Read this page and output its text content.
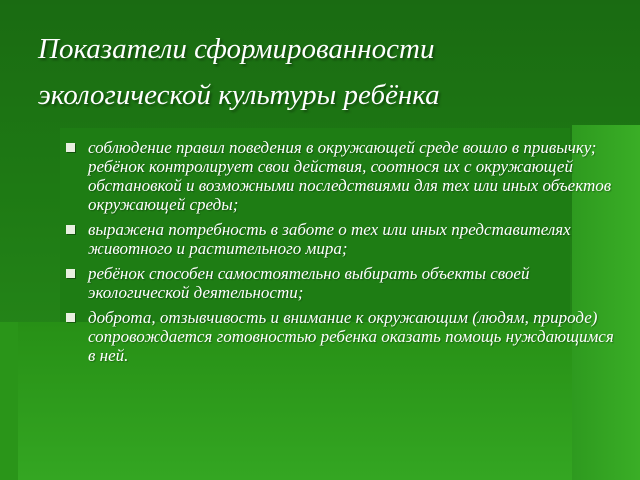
Показатели сформированности
экологической культуры ребёнка
соблюдение правил поведения в окружающей среде вошло в привычку; ребёнок контролирует свои действия, соотнося их с окружающей обстановкой и возможными последствиями для тех или иных объектов окружающей среды;
выражена потребность в заботе о тех или иных представителях животного и растительного мира;
ребёнок способен самостоятельно выбирать объекты своей экологической деятельности;
доброта, отзывчивость и внимание к окружающим (людям, природе) сопровождается готовностью ребенка оказать помощь нуждающимся в ней.
